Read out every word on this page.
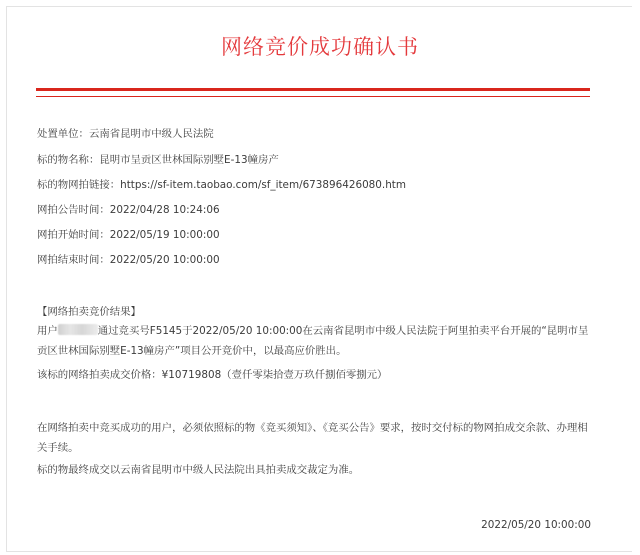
网络竞价成功确认书
处置单位：云南省昆明市中级人民法院
标的物名称：昆明市呈贡区世林国际别墅E-13幢房产
标的物网拍链接：https://sf-item.taobao.com/sf_item/673896426080.htm
网拍公告时间：2022/04/28 10:24:06
网拍开始时间：2022/05/19 10:00:00
网拍结束时间：2022/05/20 10:00:00
【网络拍卖竞价结果】
用户	通过竞买号F5145于2022/05/20 10:00:00在云南省昆明市中级人民法院于阿里拍卖平台开展的“昆明市呈贡区世林国际别墅E-13幢房产”项目公开竞价中，以最高应价胜出。
该标的网络拍卖成交价格：¥10719808（壹仟零柒拾壹万玖仟捌佰零捌元）
在网络拍卖中竞买成功的用户，必须依照标的物《竞买须知》、《竞买公告》要求，按时交付标的物网拍成交余款、办理相关手续。
标的物最终成交以云南省昆明市中级人民法院出具拍卖成交裁定为准。
2022/05/20 10:00:00
